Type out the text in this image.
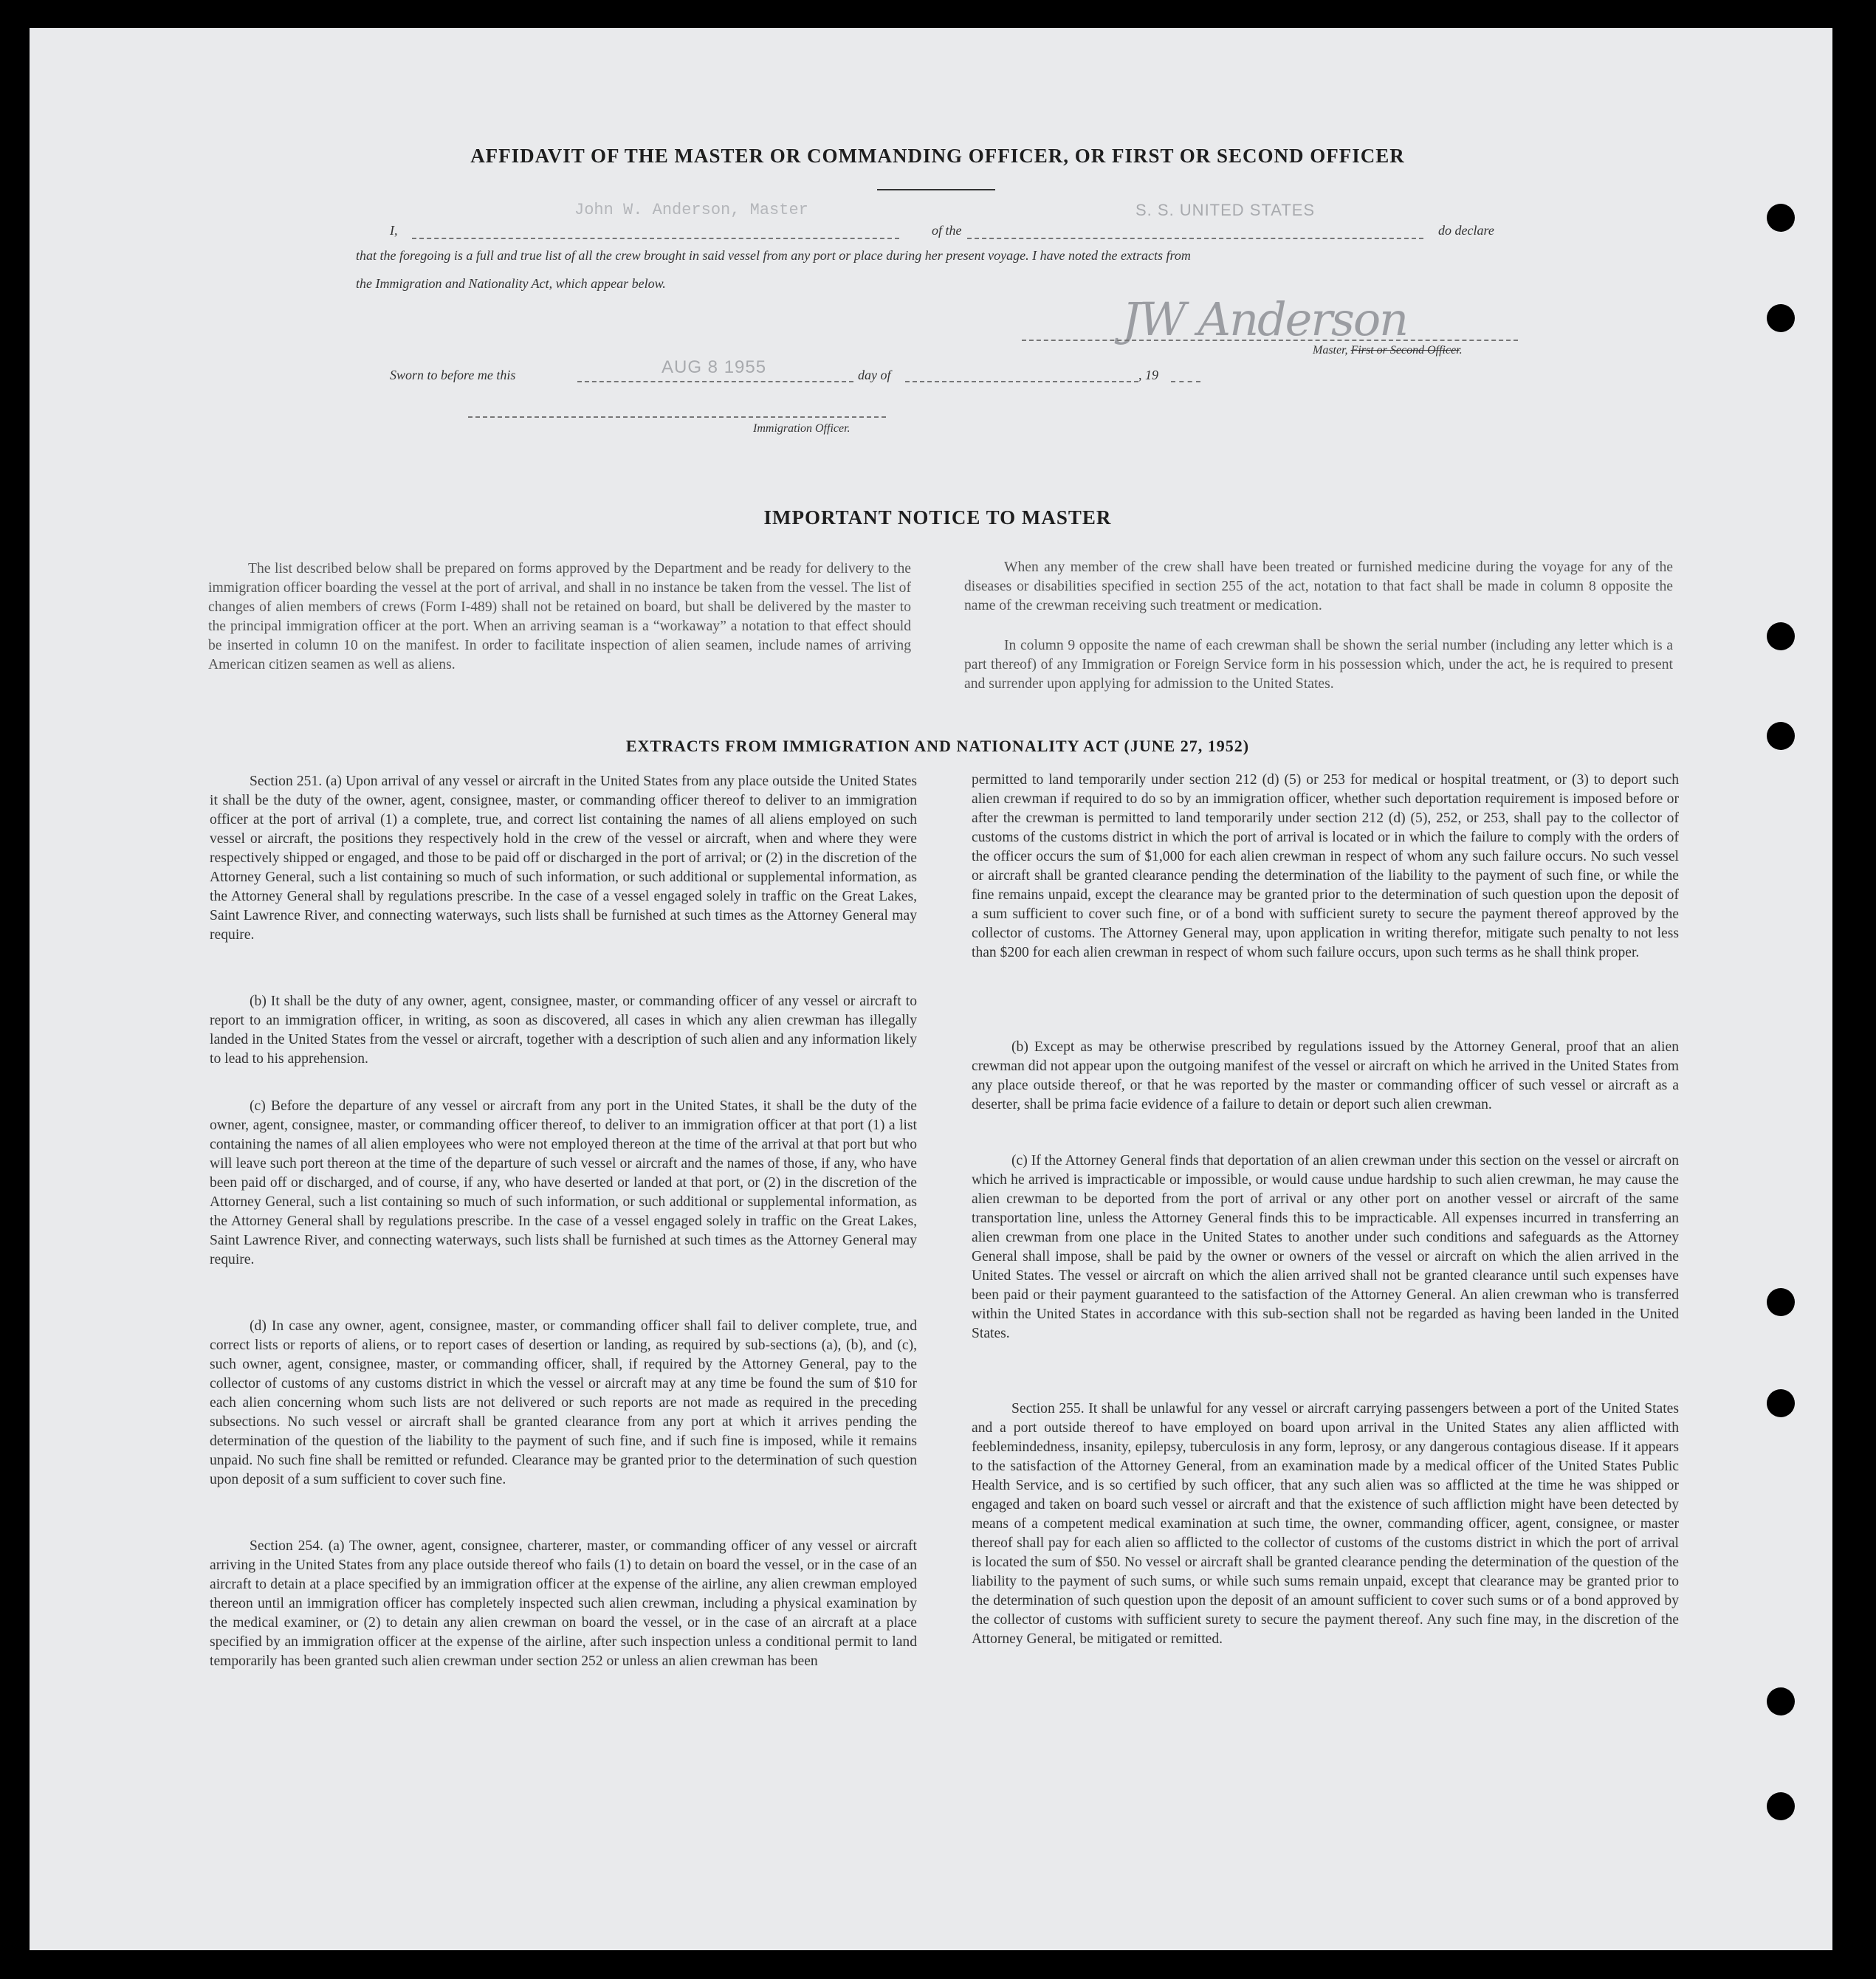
AFFIDAVIT OF THE MASTER OR COMMANDING OFFICER, OR FIRST OR SECOND OFFICER
I,
John W. Anderson, Master
of the
S. S. UNITED STATES
do declare
that the foregoing is a full and true list of all the crew brought in said vessel from any port or place during her present voyage. I have noted the extracts from
the Immigration and Nationality Act, which appear below.
JW Anderson
Master, First or Second Officer.
Sworn to before me this	AUG 8 1955	day of	, 19
Immigration Officer.
IMPORTANT NOTICE TO MASTER
The list described below shall be prepared on forms approved by the Department and be ready for delivery to the immigration officer boarding the vessel at the port of arrival, and shall in no instance be taken from the vessel. The list of changes of alien members of crews (Form I-489) shall not be retained on board, but shall be delivered by the master to the principal immigration officer at the port. When an arriving seaman is a “workaway” a notation to that effect should be inserted in column 10 on the manifest. In order to facilitate inspection of alien seamen, include names of arriving American citizen seamen as well as aliens.
When any member of the crew shall have been treated or furnished medicine during the voyage for any of the diseases or disabilities specified in section 255 of the act, notation to that fact shall be made in column 8 opposite the name of the crewman receiving such treatment or medication.
In column 9 opposite the name of each crewman shall be shown the serial number (including any letter which is a part thereof) of any Immigration or Foreign Service form in his possession which, under the act, he is required to present and surrender upon applying for admission to the United States.
EXTRACTS FROM IMMIGRATION AND NATIONALITY ACT (JUNE 27, 1952)
Section 251. (a) Upon arrival of any vessel or aircraft in the United States from any place outside the United States it shall be the duty of the owner, agent, consignee, master, or commanding officer thereof to deliver to an immigration officer at the port of arrival (1) a complete, true, and correct list containing the names of all aliens employed on such vessel or aircraft, the positions they respectively hold in the crew of the vessel or aircraft, when and where they were respectively shipped or engaged, and those to be paid off or discharged in the port of arrival; or (2) in the discretion of the Attorney General, such a list containing so much of such information, or such additional or supplemental information, as the Attorney General shall by regulations prescribe. In the case of a vessel engaged solely in traffic on the Great Lakes, Saint Lawrence River, and connecting waterways, such lists shall be furnished at such times as the Attorney General may require.
(b) It shall be the duty of any owner, agent, consignee, master, or commanding officer of any vessel or aircraft to report to an immigration officer, in writing, as soon as discovered, all cases in which any alien crewman has illegally landed in the United States from the vessel or aircraft, together with a description of such alien and any information likely to lead to his apprehension.
(c) Before the departure of any vessel or aircraft from any port in the United States, it shall be the duty of the owner, agent, consignee, master, or commanding officer thereof, to deliver to an immigration officer at that port (1) a list containing the names of all alien employees who were not employed thereon at the time of the arrival at that port but who will leave such port thereon at the time of the departure of such vessel or aircraft and the names of those, if any, who have been paid off or discharged, and of course, if any, who have deserted or landed at that port, or (2) in the discretion of the Attorney General, such a list containing so much of such information, or such additional or supplemental information, as the Attorney General shall by regulations prescribe. In the case of a vessel engaged solely in traffic on the Great Lakes, Saint Lawrence River, and connecting waterways, such lists shall be furnished at such times as the Attorney General may require.
(d) In case any owner, agent, consignee, master, or commanding officer shall fail to deliver complete, true, and correct lists or reports of aliens, or to report cases of desertion or landing, as required by sub-sections (a), (b), and (c), such owner, agent, consignee, master, or commanding officer, shall, if required by the Attorney General, pay to the collector of customs of any customs district in which the vessel or aircraft may at any time be found the sum of $10 for each alien concerning whom such lists are not delivered or such reports are not made as required in the preceding subsections. No such vessel or aircraft shall be granted clearance from any port at which it arrives pending the determination of the question of the liability to the payment of such fine, and if such fine is imposed, while it remains unpaid. No such fine shall be remitted or refunded. Clearance may be granted prior to the determination of such question upon deposit of a sum sufficient to cover such fine.
Section 254. (a) The owner, agent, consignee, charterer, master, or commanding officer of any vessel or aircraft arriving in the United States from any place outside thereof who fails (1) to detain on board the vessel, or in the case of an aircraft to detain at a place specified by an immigration officer at the expense of the airline, any alien crewman employed thereon until an immigration officer has completely inspected such alien crewman, including a physical examination by the medical examiner, or (2) to detain any alien crewman on board the vessel, or in the case of an aircraft at a place specified by an immigration officer at the expense of the airline, after such inspection unless a conditional permit to land temporarily has been granted such alien crewman under section 252 or unless an alien crewman has been
permitted to land temporarily under section 212 (d) (5) or 253 for medical or hospital treatment, or (3) to deport such alien crewman if required to do so by an immigration officer, whether such deportation requirement is imposed before or after the crewman is permitted to land temporarily under section 212 (d) (5), 252, or 253, shall pay to the collector of customs of the customs district in which the port of arrival is located or in which the failure to comply with the orders of the officer occurs the sum of $1,000 for each alien crewman in respect of whom any such failure occurs. No such vessel or aircraft shall be granted clearance pending the determination of the liability to the payment of such fine, or while the fine remains unpaid, except the clearance may be granted prior to the determination of such question upon the deposit of a sum sufficient to cover such fine, or of a bond with sufficient surety to secure the payment thereof approved by the collector of customs. The Attorney General may, upon application in writing therefor, mitigate such penalty to not less than $200 for each alien crewman in respect of whom such failure occurs, upon such terms as he shall think proper.
(b) Except as may be otherwise prescribed by regulations issued by the Attorney General, proof that an alien crewman did not appear upon the outgoing manifest of the vessel or aircraft on which he arrived in the United States from any place outside thereof, or that he was reported by the master or commanding officer of such vessel or aircraft as a deserter, shall be prima facie evidence of a failure to detain or deport such alien crewman.
(c) If the Attorney General finds that deportation of an alien crewman under this section on the vessel or aircraft on which he arrived is impracticable or impossible, or would cause undue hardship to such alien crewman, he may cause the alien crewman to be deported from the port of arrival or any other port on another vessel or aircraft of the same transportation line, unless the Attorney General finds this to be impracticable. All expenses incurred in transferring an alien crewman from one place in the United States to another under such conditions and safeguards as the Attorney General shall impose, shall be paid by the owner or owners of the vessel or aircraft on which the alien arrived in the United States. The vessel or aircraft on which the alien arrived shall not be granted clearance until such expenses have been paid or their payment guaranteed to the satisfaction of the Attorney General. An alien crewman who is transferred within the United States in accordance with this sub-section shall not be regarded as having been landed in the United States.
Section 255. It shall be unlawful for any vessel or aircraft carrying passengers between a port of the United States and a port outside thereof to have employed on board upon arrival in the United States any alien afflicted with feeblemindedness, insanity, epilepsy, tuberculosis in any form, leprosy, or any dangerous contagious disease. If it appears to the satisfaction of the Attorney General, from an examination made by a medical officer of the United States Public Health Service, and is so certified by such officer, that any such alien was so afflicted at the time he was shipped or engaged and taken on board such vessel or aircraft and that the existence of such affliction might have been detected by means of a competent medical examination at such time, the owner, commanding officer, agent, consignee, or master thereof shall pay for each alien so afflicted to the collector of customs of the customs district in which the port of arrival is located the sum of $50. No vessel or aircraft shall be granted clearance pending the determination of the question of the liability to the payment of such sums, or while such sums remain unpaid, except that clearance may be granted prior to the determination of such question upon the deposit of an amount sufficient to cover such sums or of a bond approved by the collector of customs with sufficient surety to secure the payment thereof. Any such fine may, in the discretion of the Attorney General, be mitigated or remitted.
